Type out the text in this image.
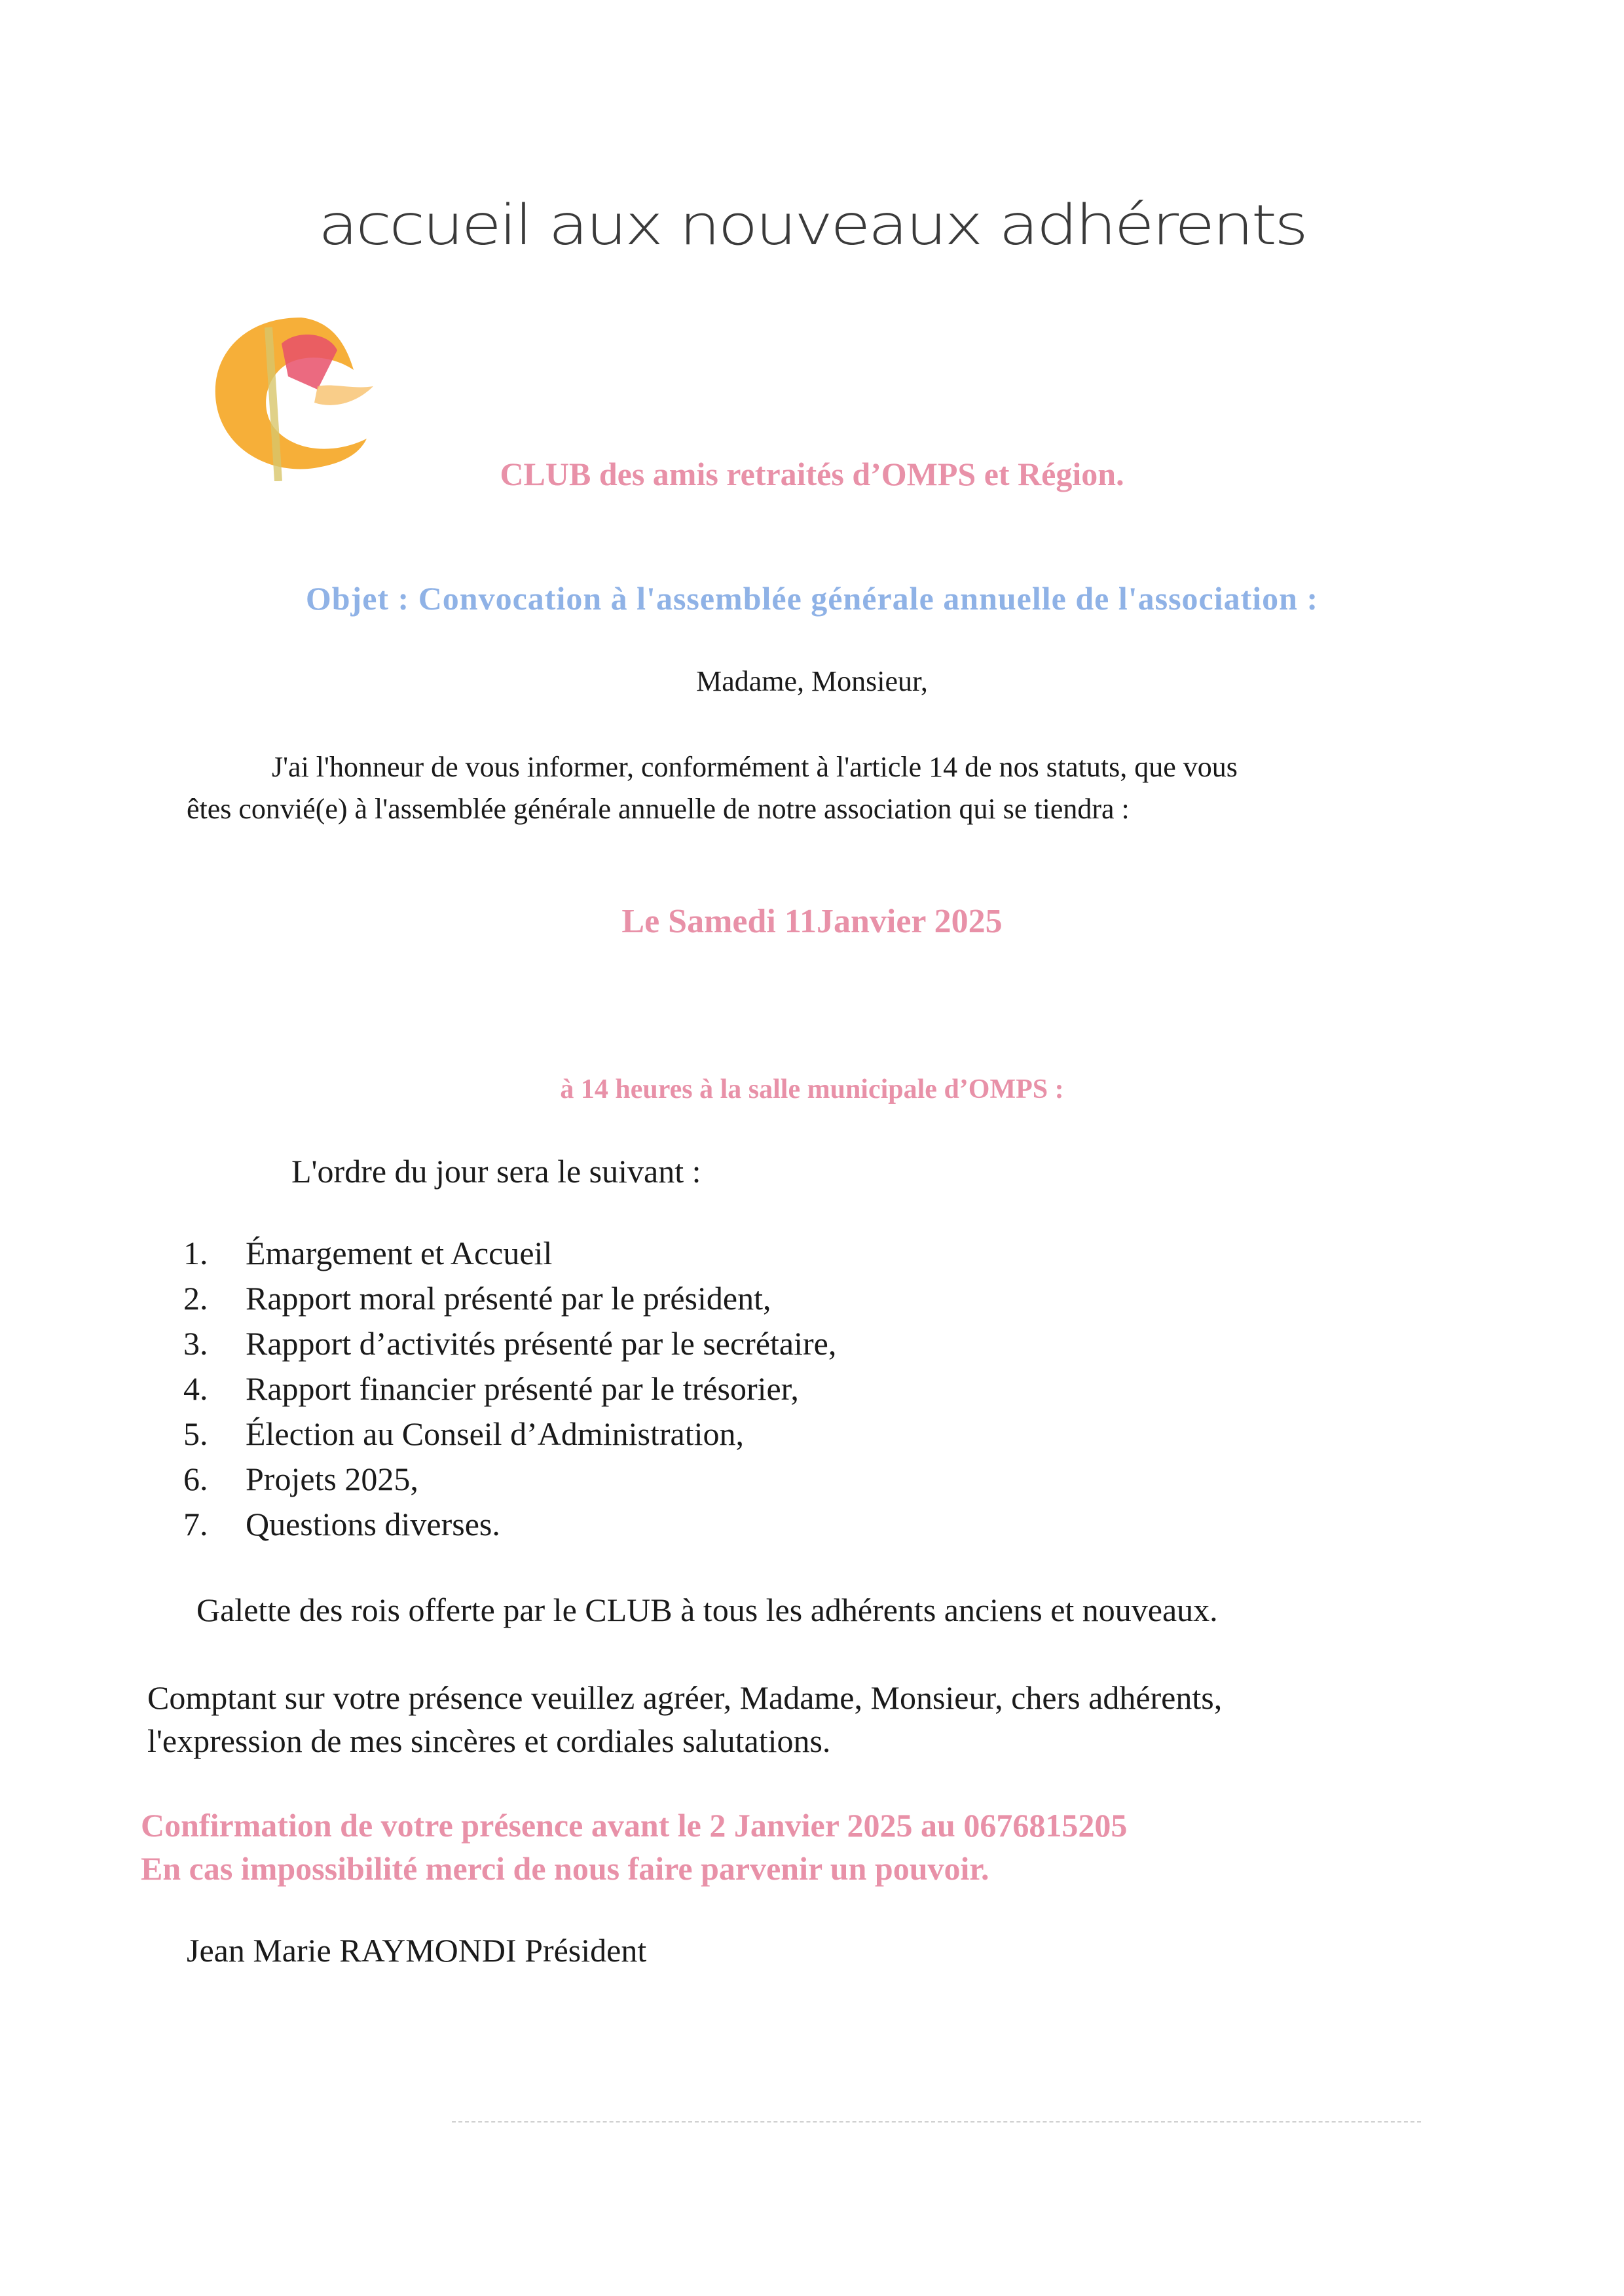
accueil aux nouveaux adhérents
CLUB des amis retraités d’OMPS et Région.
Objet : Convocation à l'assemblée générale annuelle de l'association :
Madame, Monsieur,
J'ai l'honneur de vous informer, conformément à l'article 14 de nos statuts, que vous
êtes convié(e) à l'assemblée générale annuelle de notre association qui se tiendra :
Le Samedi 11Janvier 2025
à 14 heures à la salle municipale d’OMPS :
L'ordre du jour sera le suivant :
1. Émargement et Accueil
2. Rapport moral présenté par le président,
3. Rapport d’activités présenté par le secrétaire,
4. Rapport financier présenté par le trésorier,
5. Élection au Conseil d’Administration,
6. Projets 2025,
7. Questions diverses.
Galette des rois offerte par le CLUB à tous les adhérents anciens et nouveaux.
Comptant sur votre présence veuillez agréer, Madame, Monsieur, chers adhérents,
l'expression de mes sincères et cordiales salutations.
Confirmation de votre présence avant le 2 Janvier 2025 au 0676815205
En cas impossibilité merci de nous faire parvenir un pouvoir.
Jean Marie RAYMONDI Président
